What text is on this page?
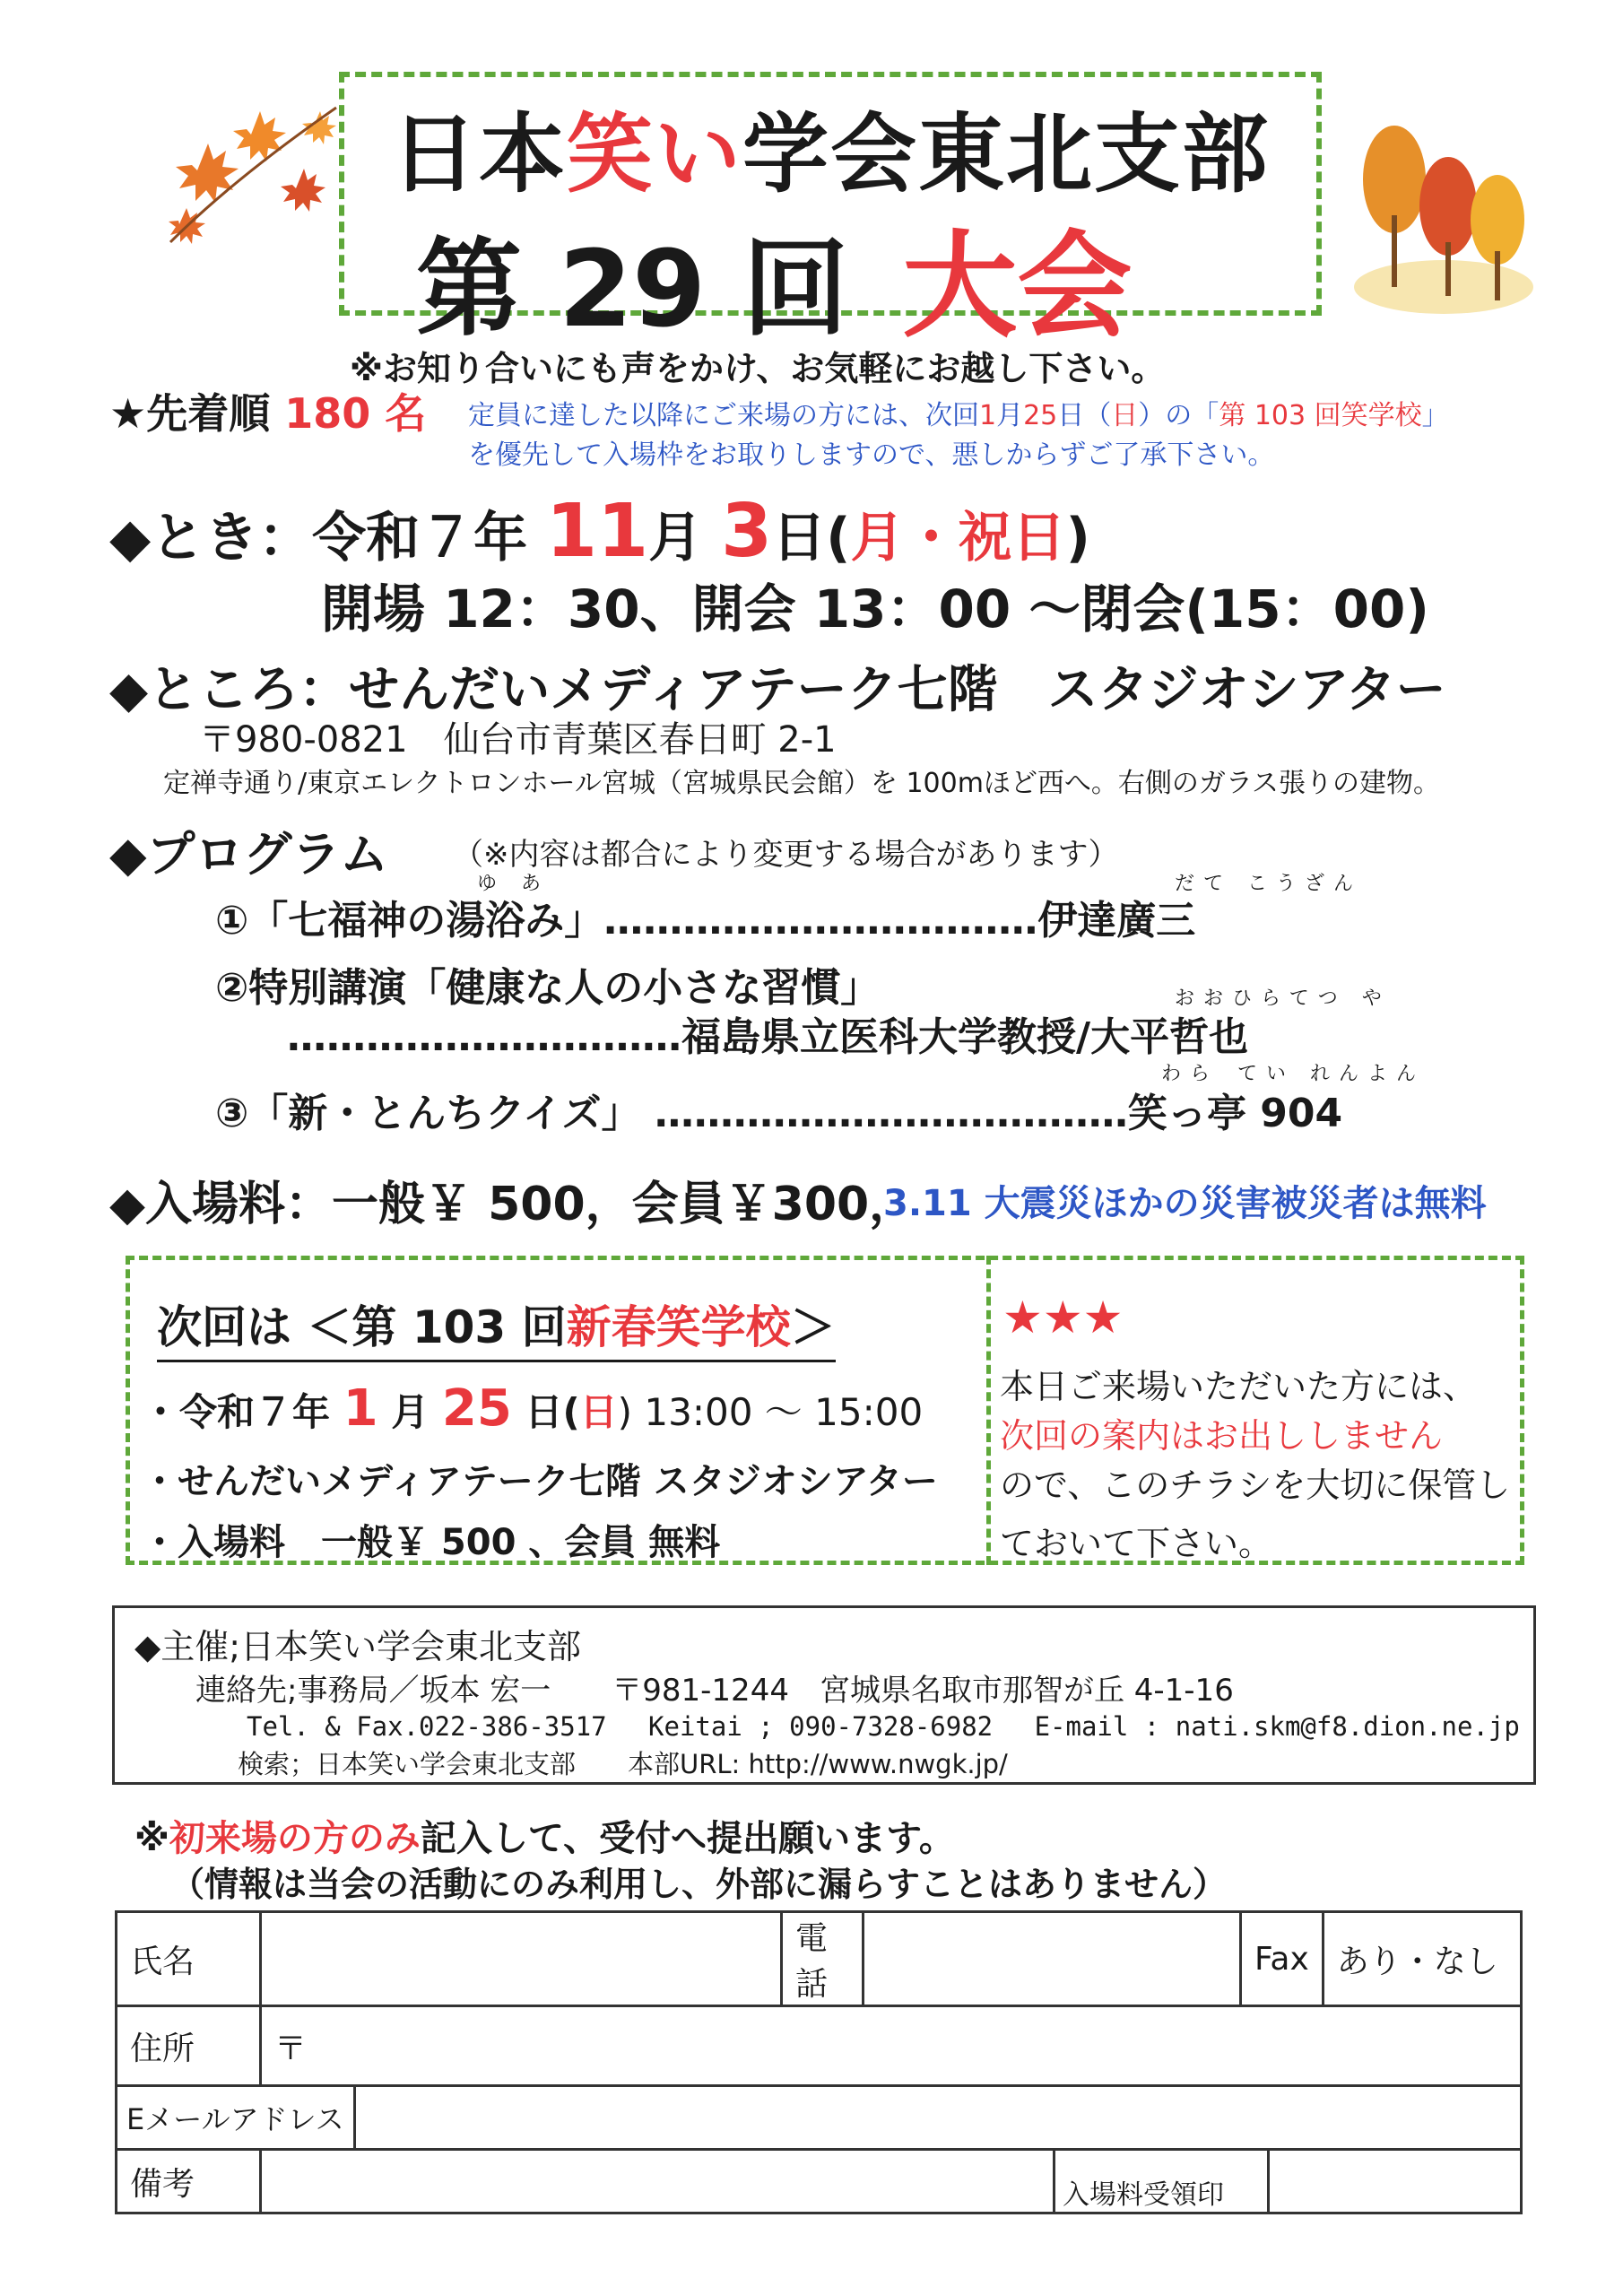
日本笑い学会東北支部
第 29 回 大会
※お知り合いにも声をかけ、お気軽にお越し下さい。
★先着順 180 名 定員に達した以降にご来場の方には、次回1月25日（日）の「第 103 回笑学校」
を優先して入場枠をお取りしますので、悪しからずご了承下さい。
◆とき：令和７年 11月 3日(月・祝日)
開場 12：30、開会 13：00 ～閉会(15：00)
◆ところ：せんだいメディアテーク七階　スタジオシアター
〒980-0821　仙台市青葉区春日町 2-1
定禅寺通り/東京エレクトロンホール宮城（宮城県民会館）を 100mほど西へ。右側のガラス張りの建物。
◆プログラム （※内容は都合により変更する場合があります）
ゆ あ	だて こうざん
①「七福神の湯浴み」……………………………伊達廣三
②特別講演「健康な人の小さな習慣」	おおひらてつ や
…………………………福島県立医科大学教授/大平哲也
わら てい れんよん
③「新・とんちクイズ」 ………………………………笑っ亭 904
◆入場料：一般￥ 500，会員￥300，
3.11 大震災ほかの災害被災者は無料
次回は ＜第 103 回新春笑学校＞
・令和７年 1 月 25 日(日) 13:00 ～ 15:00
・せんだいメディアテーク七階 スタジオシアター
・入場料　一般￥ 500 、会員 無料
★★★
本日ご来場いただいた方には、
次回の案内はお出ししません
ので、このチラシを大切に保管し
ておいて下さい。
◆主催;日本笑い学会東北支部
連絡先;事務局／坂本 宏一　　〒981-1244　宮城県名取市那智が丘 4-1-16
Tel. & Fax.022-386-3517　 Keitai ; 090-7328-6982　 E-mail : nati.skm@f8.dion.ne.jp
検索；日本笑い学会東北支部　　本部URL: http://www.nwgk.jp/
※初来場の方のみ記入して、受付へ提出願います。
（情報は当会の活動にのみ利用し、外部に漏らすことはありません）
氏名		電話		Fax	あり・なし
住所	〒
Eメールアドレス	
備考		入場料受領印	
